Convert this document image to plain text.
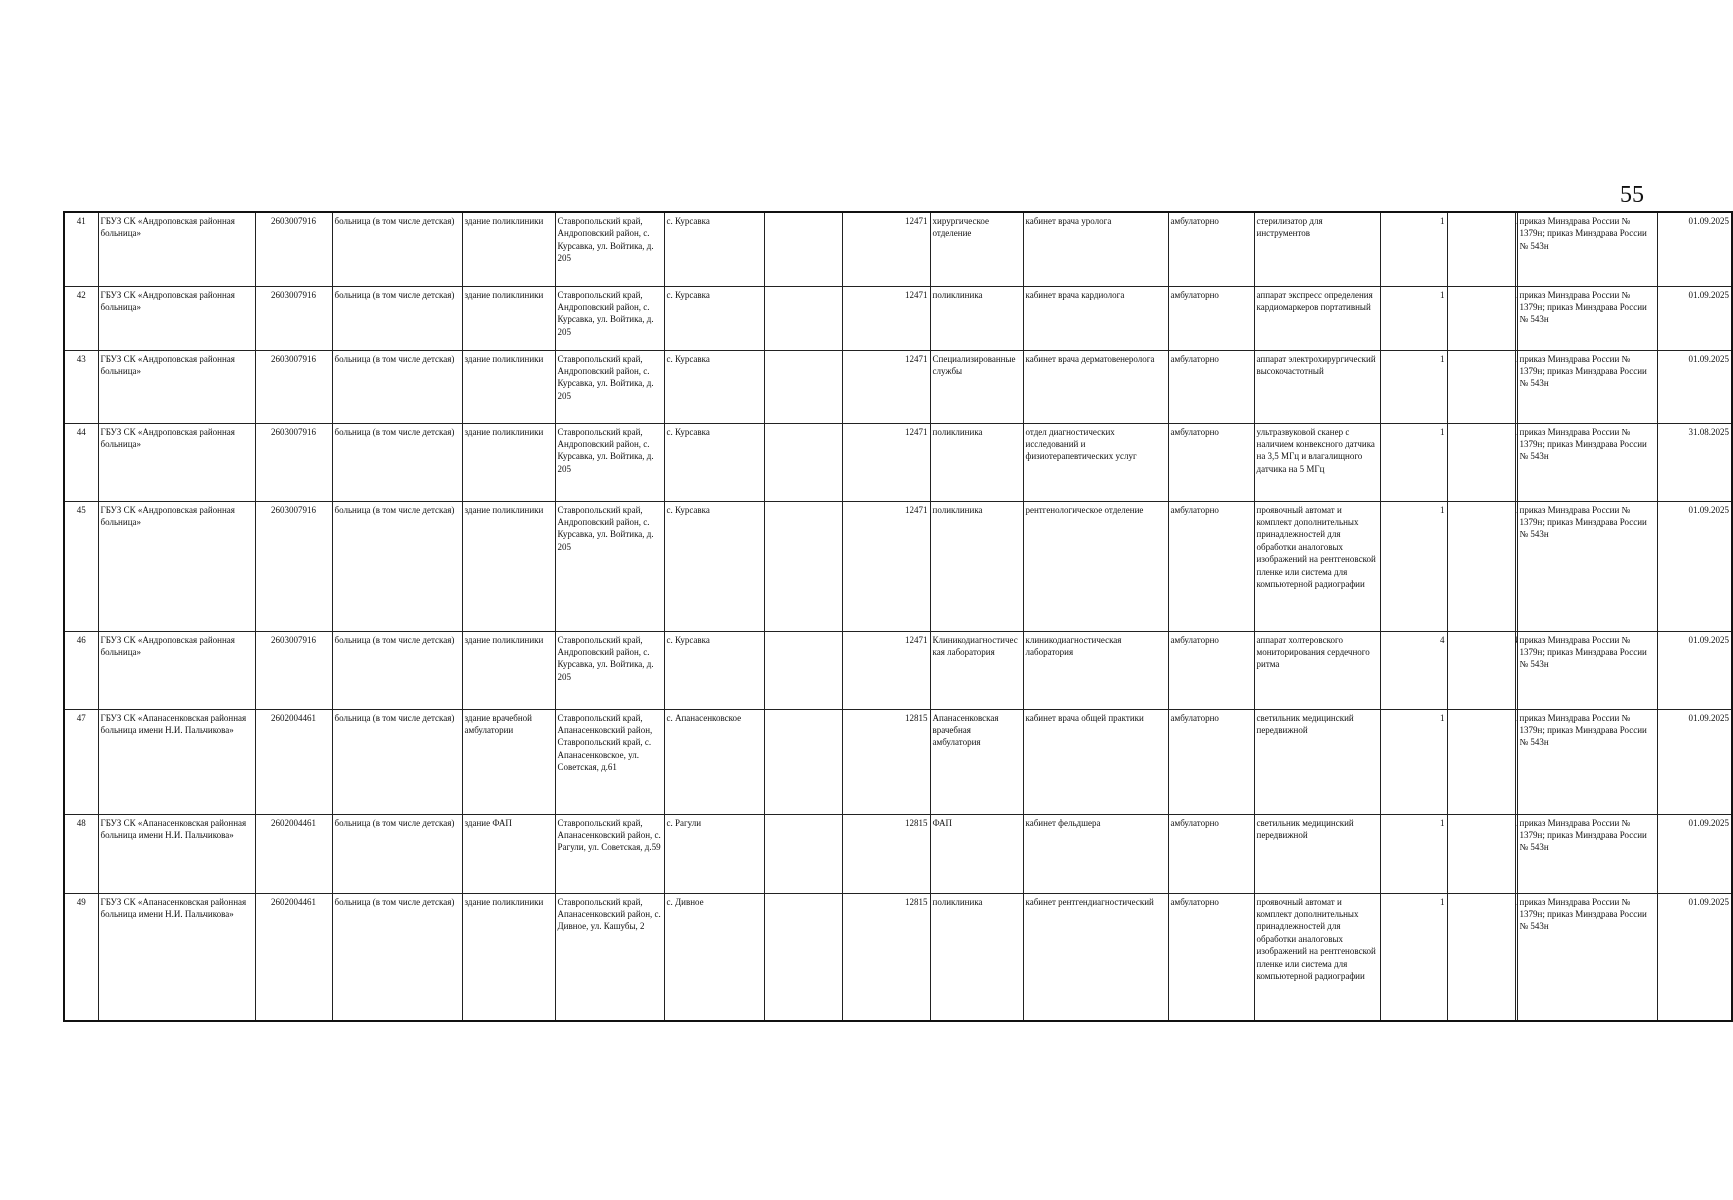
55
41	ГБУЗ СК «Андроповская районная больница»	2603007916	больница (в том числе детская)	здание поликлиники	Ставропольский край, Андроповский район, с. Курсавка, ул. Войтика, д. 205	с. Курсавка		12471	хирургическое отделение	кабинет врача уролога	амбулаторно	стерилизатор для инструментов	1			приказ Минздрава России № 1379н; приказ Минздрава России № 543н	01.09.2025
42	ГБУЗ СК «Андроповская районная больница»	2603007916	больница (в том числе детская)	здание поликлиники	Ставропольский край, Андроповский район, с. Курсавка, ул. Войтика, д. 205	с. Курсавка		12471	поликлиника	кабинет врача кардиолога	амбулаторно	аппарат экспресс определения кардиомаркеров портативный	1			приказ Минздрава России № 1379н; приказ Минздрава России № 543н	01.09.2025
43	ГБУЗ СК «Андроповская районная больница»	2603007916	больница (в том числе детская)	здание поликлиники	Ставропольский край, Андроповский район, с. Курсавка, ул. Войтика, д. 205	с. Курсавка		12471	Специализированные службы	кабинет врача дерматовенеролога	амбулаторно	аппарат электрохирургический высокочастотный	1			приказ Минздрава России № 1379н; приказ Минздрава России № 543н	01.09.2025
44	ГБУЗ СК «Андроповская районная больница»	2603007916	больница (в том числе детская)	здание поликлиники	Ставропольский край, Андроповский район, с. Курсавка, ул. Войтика, д. 205	с. Курсавка		12471	поликлиника	отдел диагностических исследований и физиотерапевтических услуг	амбулаторно	ультразвуковой сканер с наличием конвексного датчика на 3,5 МГц и влагалищного датчика на 5 МГц	1			приказ Минздрава России № 1379н; приказ Минздрава России № 543н	31.08.2025
45	ГБУЗ СК «Андроповская районная больница»	2603007916	больница (в том числе детская)	здание поликлиники	Ставропольский край, Андроповский район, с. Курсавка, ул. Войтика, д. 205	с. Курсавка		12471	поликлиника	рентгенологическое отделение	амбулаторно	проявочный автомат и комплект дополнительных принадлежностей для обработки аналоговых изображений на рентгеновской пленке или система для компьютерной радиографии	1			приказ Минздрава России № 1379н; приказ Минздрава России № 543н	01.09.2025
46	ГБУЗ СК «Андроповская районная больница»	2603007916	больница (в том числе детская)	здание поликлиники	Ставропольский край, Андроповский район, с. Курсавка, ул. Войтика, д. 205	с. Курсавка		12471	Клиникодиагностическая лаборатория	клиникодиагностическая лаборатория	амбулаторно	аппарат холтеровского мониторирования сердечного ритма	4			приказ Минздрава России № 1379н; приказ Минздрава России № 543н	01.09.2025
47	ГБУЗ СК «Апанасенковская районная больница имени Н.И. Пальчикова»	2602004461	больница (в том числе детская)	здание врачебной амбулатории	Ставропольский край, Апанасенковский район, Ставропольский край, с. Апанасенковское, ул. Советская, д.61	с. Апанасенковское		12815	Апанасенковская врачебная амбулатория	кабинет врача общей практики	амбулаторно	светильник медицинский передвижной	1			приказ Минздрава России № 1379н; приказ Минздрава России № 543н	01.09.2025
48	ГБУЗ СК «Апанасенковская районная больница имени Н.И. Пальчикова»	2602004461	больница (в том числе детская)	здание ФАП	Ставропольский край, Апанасенковский район, с. Рагули, ул. Советская, д.59	с. Рагули		12815	ФАП	кабинет фельдшера	амбулаторно	светильник медицинский передвижной	1			приказ Минздрава России № 1379н; приказ Минздрава России № 543н	01.09.2025
49	ГБУЗ СК «Апанасенковская районная больница имени Н.И. Пальчикова»	2602004461	больница (в том числе детская)	здание поликлиники	Ставропольский край, Апанасенковский район, с. Дивное, ул. Кашубы, 2	с. Дивное		12815	поликлиника	кабинет рентгендиагностический	амбулаторно	проявочный автомат и комплект дополнительных принадлежностей для обработки аналоговых изображений на рентгеновской пленке или система для компьютерной радиографии	1			приказ Минздрава России № 1379н; приказ Минздрава России № 543н	01.09.2025
